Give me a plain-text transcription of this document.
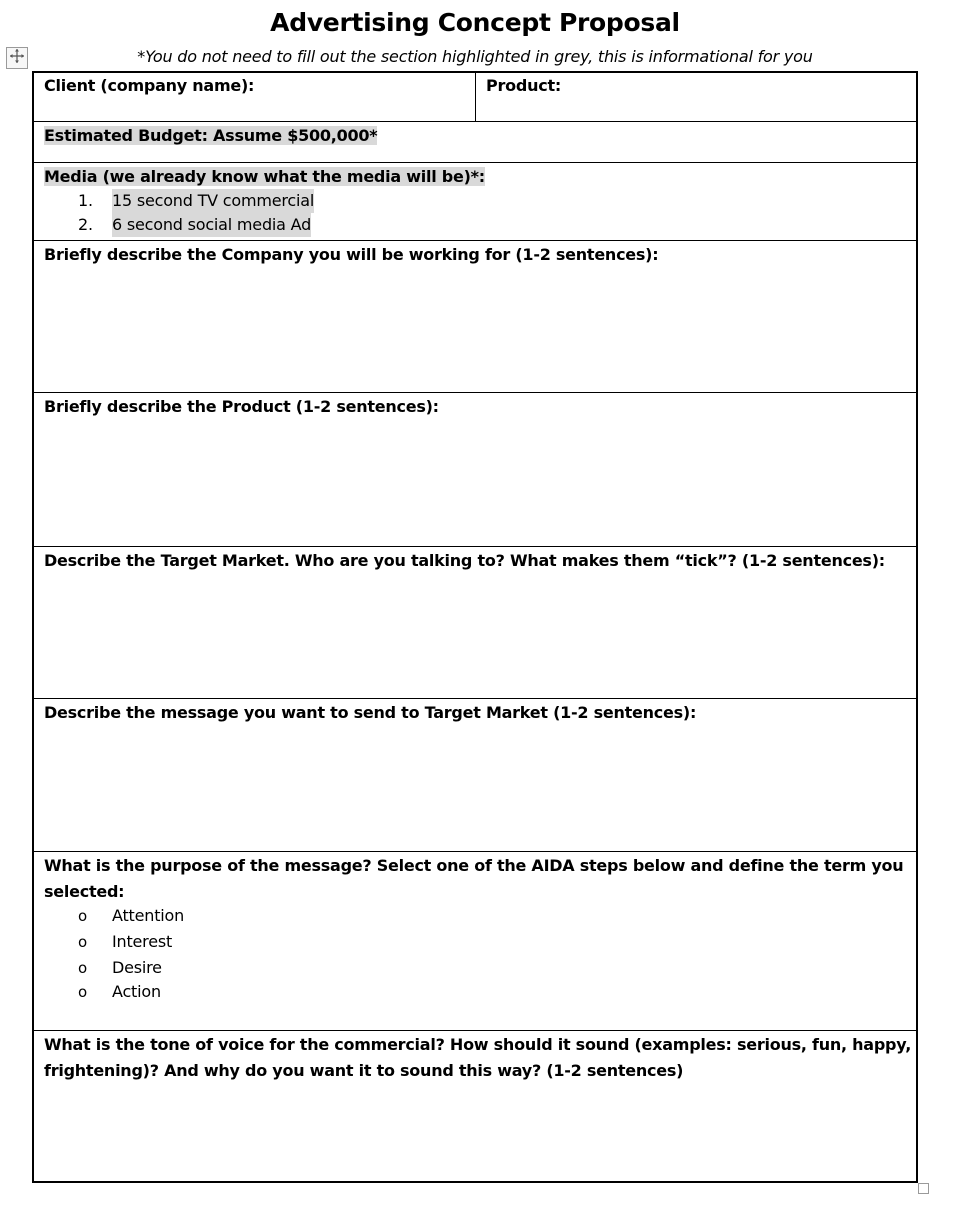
Advertising Concept Proposal
*You do not need to fill out the section highlighted in grey, this is informational for you
Client (company name):	Product:
Estimated Budget: Assume $500,000*
Media (we already know what the media will be)*:
1. 15 second TV commercial
2. 6 second social media Ad
Briefly describe the Company you will be working for (1-2 sentences):
Briefly describe the Product (1-2 sentences):
Describe the Target Market. Who are you talking to? What makes them “tick”? (1-2 sentences):
Describe the message you want to send to Target Market (1-2 sentences):
What is the purpose of the message? Select one of the AIDA steps below and define the term you
selected:
o Attention
o Interest
o Desire
o Action
What is the tone of voice for the commercial? How should it sound (examples: serious, fun, happy,
frightening)? And why do you want it to sound this way? (1-2 sentences)
